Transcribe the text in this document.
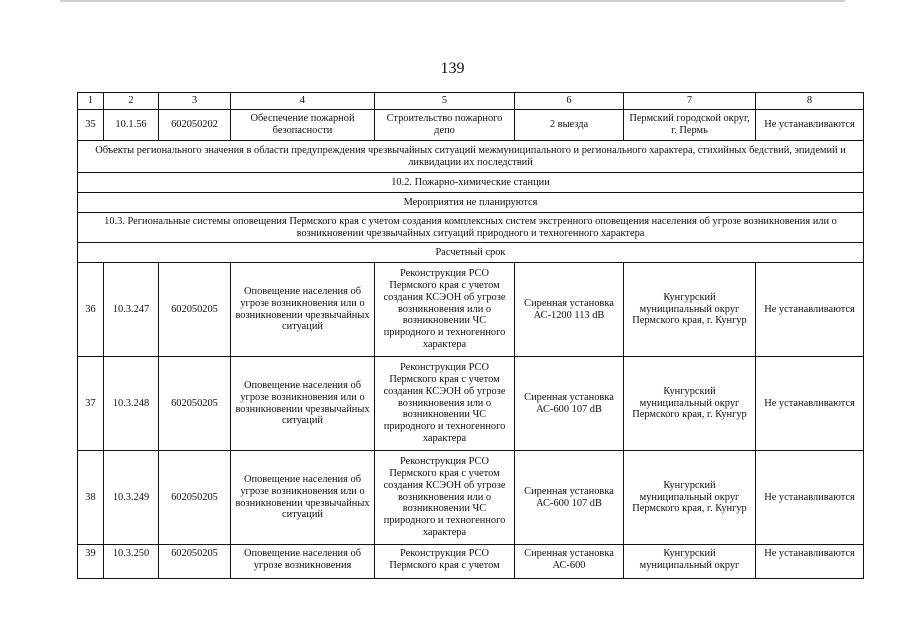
139
1	2	3	4	5	6	7	8
35	10.1.56	602050202	Обеспечение пожарной безопасности	Строительство пожарного депо	2 выезда	Пермский городской округ, г. Пермь	Не устанавливаются
Объекты регионального значения в области предупреждения чрезвычайных ситуаций межмуниципального и регионального характера, стихийных бедствий, эпидемий и ликвидации их последствий							
10.2. Пожарно-химические станции							
Мероприятия не планируются							
10.3. Региональные системы оповещения Пермского края с учетом создания комплексных систем экстренного оповещения населения об угрозе возникновения или о возникновении чрезвычайных ситуаций природного и техногенного характера							
Расчетный срок							
36	10.3.247	602050205	Оповещение населения об угрозе возникновения или о возникновении чрезвычайных ситуаций	Реконструкция РСО Пермского края с учетом создания КСЭОН об угрозе возникновения или о возникновении ЧС природного и техногенного характера	Сиренная установка АС-1200 113 dB	Кунгурский муниципальный округ Пермского края, г. Кунгур	Не устанавливаются
37	10.3.248	602050205	Оповещение населения об угрозе возникновения или о возникновении чрезвычайных ситуаций	Реконструкция РСО Пермского края с учетом создания КСЭОН об угрозе возникновения или о возникновении ЧС природного и техногенного характера	Сиренная установка АС-600 107 dB	Кунгурский муниципальный округ Пермского края, г. Кунгур	Не устанавливаются
38	10.3.249	602050205	Оповещение населения об угрозе возникновения или о возникновении чрезвычайных ситуаций	Реконструкция РСО Пермского края с учетом создания КСЭОН об угрозе возникновения или о возникновении ЧС природного и техногенного характера	Сиренная установка АС-600 107 dB	Кунгурский муниципальный округ Пермского края, г. Кунгур	Не устанавливаются
39	10.3.250	602050205	Оповещение населения об угрозе возникновения	Реконструкция РСО Пермского края с учетом	Сиренная установка АС-600	Кунгурский муниципальный округ	Не устанавливаются
